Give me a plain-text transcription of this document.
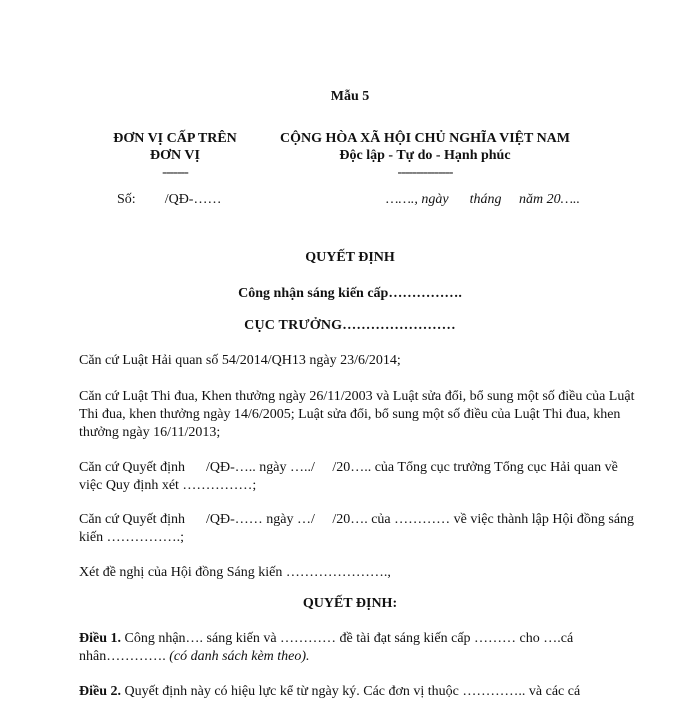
Mẫu 5
ĐƠN VỊ CẤP TRÊN
ĐƠN VỊ
-------
CỘNG HÒA XÃ HỘI CHỦ NGHĨA VIỆT NAM
Độc lập - Tự do - Hạnh phúc
---------------
Số: /QĐ-……	……., ngày      tháng     năm 20…..
QUYẾT ĐỊNH
Công nhận sáng kiến cấp…………….
CỤC TRƯỞNG……………………
Căn cứ Luật Hải quan số 54/2014/QH13 ngày 23/6/2014;
Căn cứ Luật Thi đua, Khen thưởng ngày 26/11/2003 và Luật sửa đổi, bổ sung một số điều của Luật Thi đua, khen thưởng ngày 14/6/2005; Luật sửa đổi, bổ sung một số điều của Luật Thi đua, khen thưởng ngày 16/11/2013;
Căn cứ Quyết định      /QĐ-….. ngày …../     /20….. của Tổng cục trưởng Tổng cục Hải quan về việc Quy định xét ……………;
Căn cứ Quyết định      /QĐ-…… ngày …/     /20…. của ………… về việc thành lập Hội đồng sáng kiến …………….;
Xét đề nghị của Hội đồng Sáng kiến ………………….,
QUYẾT ĐỊNH:
Điều 1. Công nhận…. sáng kiến và ………… đề tài đạt sáng kiến cấp ……… cho ….cá nhân…………. (có danh sách kèm theo).
Điều 2. Quyết định này có hiệu lực kể từ ngày ký. Các đơn vị thuộc ………….. và các cá
